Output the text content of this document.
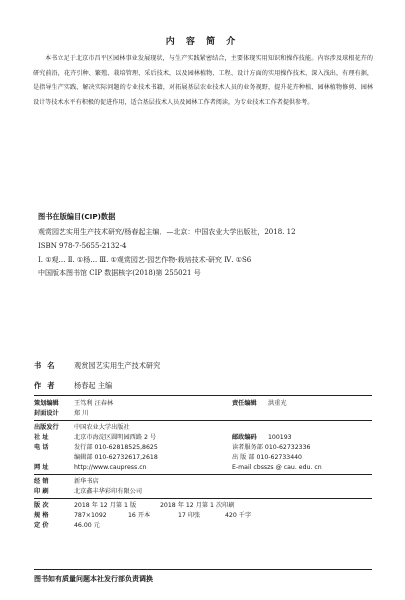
内 容 简 介
本书立足于北京市昌平区园林事业发展现状，与生产实践紧密结合，主要体现实用知识和操作技能。内容涉及球根花卉的研究前沿，花卉引种、繁殖、栽培管理、采后技术，以及园林植物、工程、设计方面的实用操作技术，深入浅出，有理有据，是指导生产实践、解决实际问题的专业技术书籍，对拓展基层农业技术人员的业务视野，提升花卉种植、园林植物修剪、园林设计等技术水平有积极的促进作用，适合基层技术人员及园林工作者阅读，为专业技术工作者提供参考。
图书在版编目(CIP)数据
观赏园艺实用生产技术研究/杨春起主编．—北京：中国农业大学出版社，2018. 12
ISBN 978-7-5655-2132-4
Ⅰ. ①观… Ⅱ. ①杨… Ⅲ. ①观赏园艺-园艺作物-栽培技术-研究 Ⅳ. ①S6
中国版本图书馆 CIP 数据核字(2018)第 255021 号
书名 观赏园艺实用生产技术研究
作者 杨春起 主编
策划编辑 王笃利 汪春林	责任编辑 洪重光
封面设计 郑 川
出版发行 中国农业大学出版社
社 址	北京市海淀区圆明园西路 2 号	邮政编码 100193
电 话	发行部 010-62818525,8625	读者服务部 010-62732336
编辑部 010-62732617,2618	出 版 部 010-62733440
网 址	http://www.caupress.cn	E-mail cbsszs @ cau. edu. cn
经 销	新华书店
印 刷	北京鑫丰华彩印有限公司
版 次	2018 年 12 月第 1 版	2018 年 12 月第 1 次印刷
规 格	787×1092	16 开本	17 印张	420 千字
定 价	46.00 元
图书如有质量问题本社发行部负责调换
